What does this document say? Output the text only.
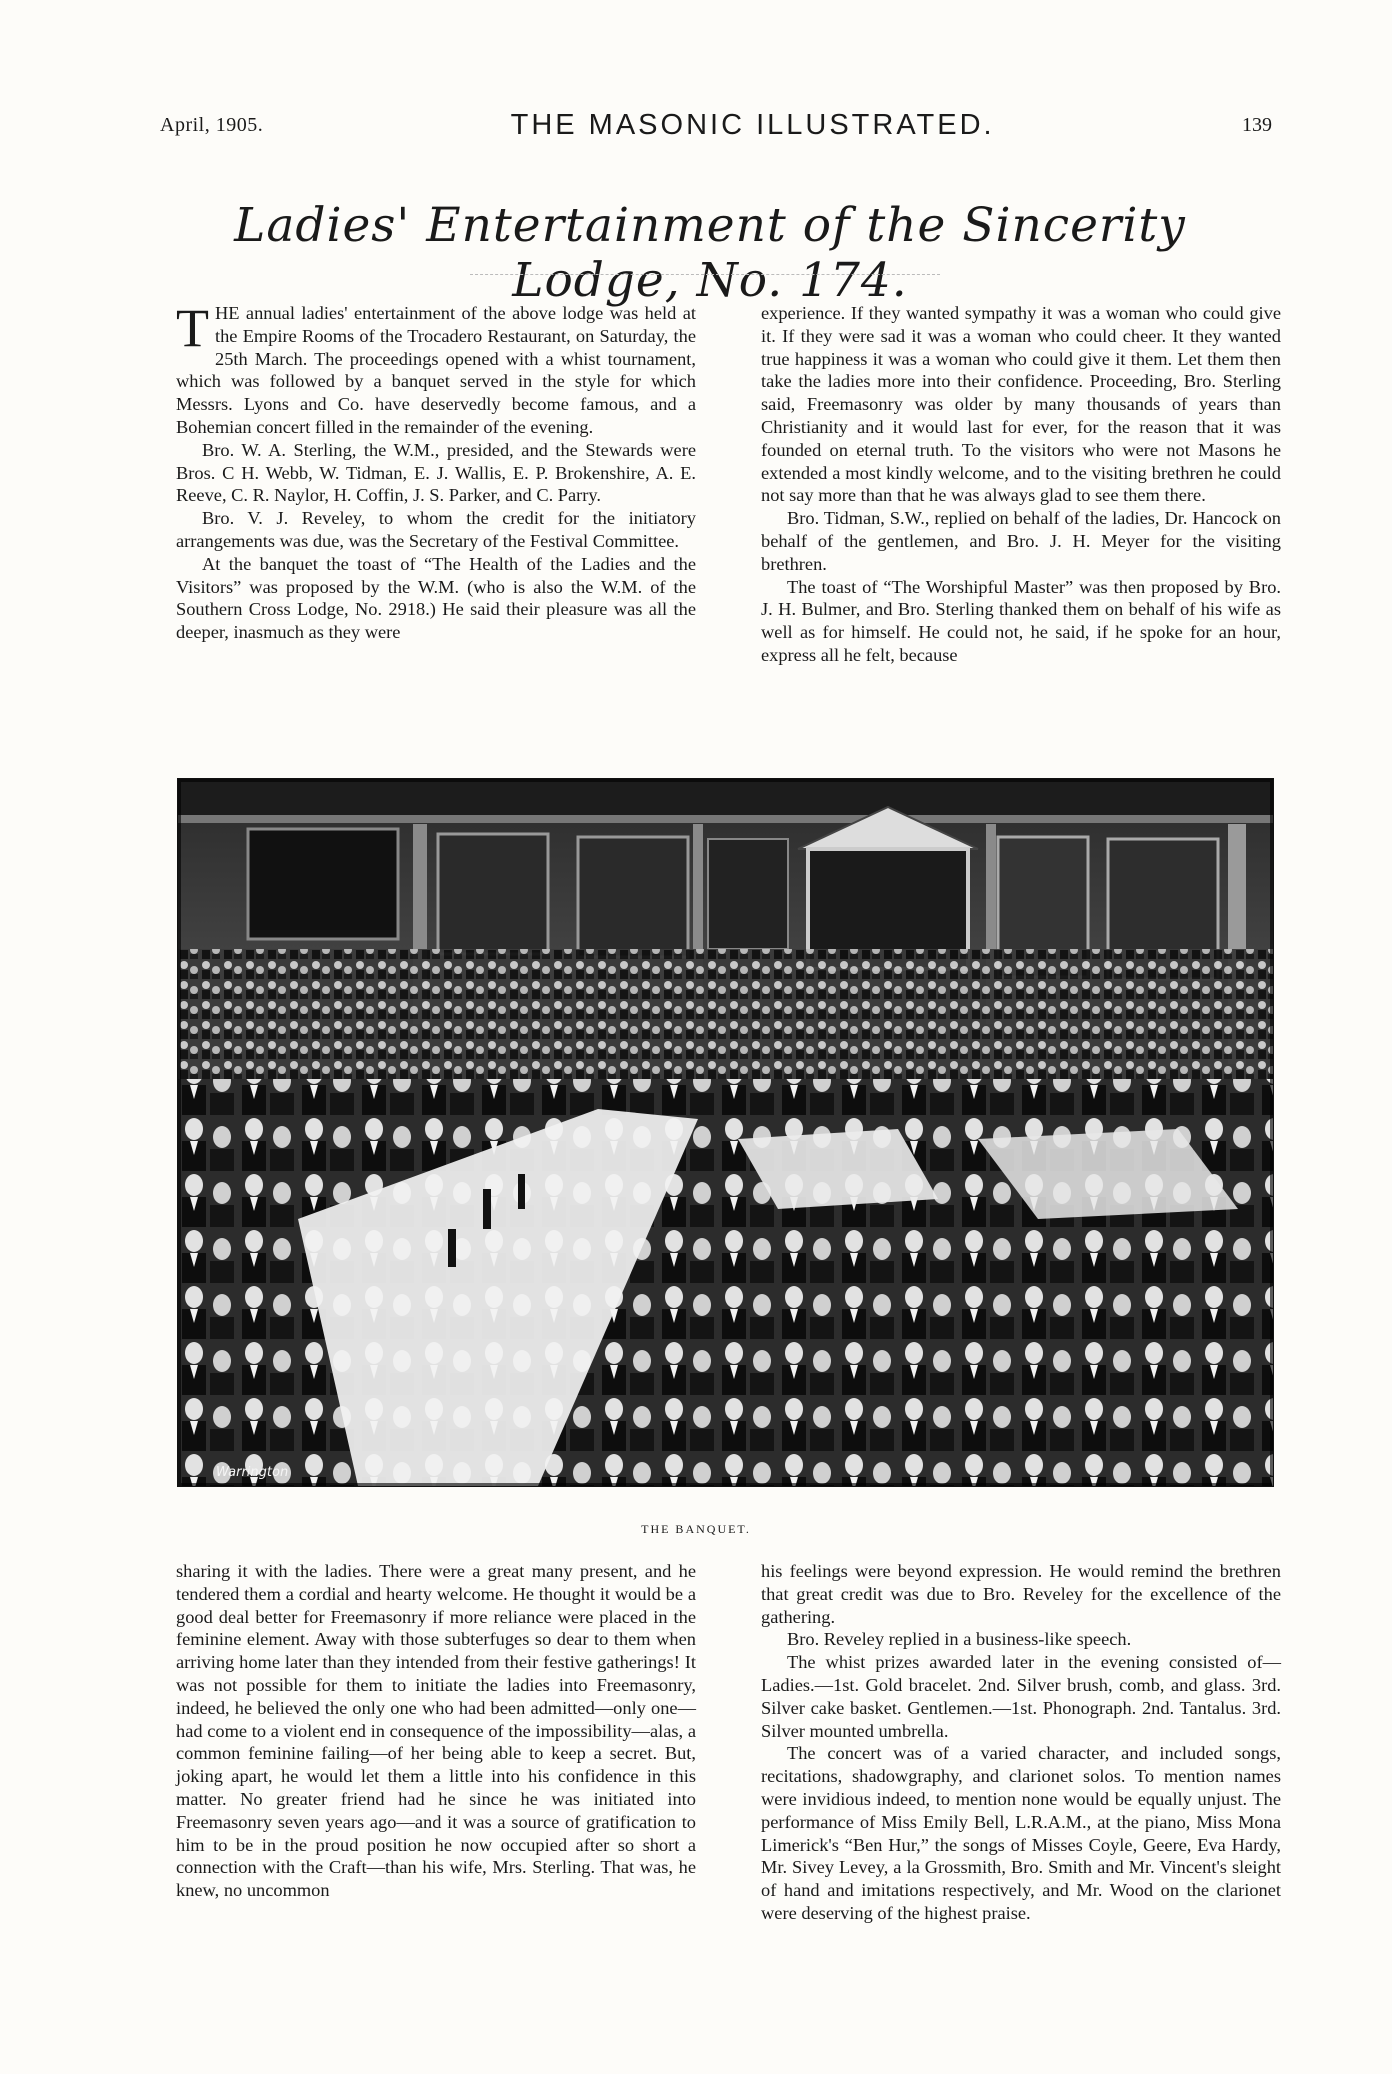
April, 1905.	THE MASONIC ILLUSTRATED.	139
Ladies' Entertainment of the Sincerity Lodge, No. 174.

THE annual ladies' entertainment of the above lodge was held at the Empire Rooms of the Trocadero Restaurant, on Saturday, the 25th March. The proceedings opened with a whist tournament, which was followed by a banquet served in the style for which Messrs. Lyons and Co. have deservedly become famous, and a Bohemian concert filled in the remainder of the evening.

Bro. W. A. Sterling, the W.M., presided, and the Stewards were Bros. C H. Webb, W. Tidman, E. J. Wallis, E. P. Brokenshire, A. E. Reeve, C. R. Naylor, H. Coffin, J. S. Parker, and C. Parry.

Bro. V. J. Reveley, to whom the credit for the initiatory arrangements was due, was the Secretary of the Festival Committee.

At the banquet the toast of “The Health of the Ladies and the Visitors” was proposed by the W.M. (who is also the W.M. of the Southern Cross Lodge, No. 2918.) He said their pleasure was all the deeper, inasmuch as they were

experience. If they wanted sympathy it was a woman who could give it. If they were sad it was a woman who could cheer. It they wanted true happiness it was a woman who could give it them. Let them then take the ladies more into their confidence. Proceeding, Bro. Sterling said, Freemasonry was older by many thousands of years than Christianity and it would last for ever, for the reason that it was founded on eternal truth. To the visitors who were not Masons he extended a most kindly welcome, and to the visiting brethren he could not say more than that he was always glad to see them there.

Bro. Tidman, S.W., replied on behalf of the ladies, Dr. Hancock on behalf of the gentlemen, and Bro. J. H. Meyer for the visiting brethren.

The toast of “The Worshipful Master” was then proposed by Bro. J. H. Bulmer, and Bro. Sterling thanked them on behalf of his wife as well as for himself. He could not, he said, if he spoke for an hour, express all he felt, because

Warrington
THE BANQUET.

sharing it with the ladies. There were a great many present, and he tendered them a cordial and hearty welcome. He thought it would be a good deal better for Freemasonry if more reliance were placed in the feminine element. Away with those subterfuges so dear to them when arriving home later than they intended from their festive gatherings! It was not possible for them to initiate the ladies into Freemasonry, indeed, he believed the only one who had been admitted—only one—had come to a violent end in consequence of the impossibility—alas, a common feminine failing—of her being able to keep a secret. But, joking apart, he would let them a little into his confidence in this matter. No greater friend had he since he was initiated into Freemasonry seven years ago—and it was a source of gratification to him to be in the proud position he now occupied after so short a connection with the Craft—than his wife, Mrs. Sterling. That was, he knew, no uncommon

his feelings were beyond expression. He would remind the brethren that great credit was due to Bro. Reveley for the excellence of the gathering.

Bro. Reveley replied in a business-like speech.

The whist prizes awarded later in the evening consisted of—Ladies.—1st. Gold bracelet. 2nd. Silver brush, comb, and glass. 3rd. Silver cake basket. Gentlemen.—1st. Phonograph. 2nd. Tantalus. 3rd. Silver mounted umbrella.

The concert was of a varied character, and included songs, recitations, shadowgraphy, and clarionet solos. To mention names were invidious indeed, to mention none would be equally unjust. The performance of Miss Emily Bell, L.R.A.M., at the piano, Miss Mona Limerick's “Ben Hur,” the songs of Misses Coyle, Geere, Eva Hardy, Mr. Sivey Levey, a la Grossmith, Bro. Smith and Mr. Vincent's sleight of hand and imitations respectively, and Mr. Wood on the clarionet were deserving of the highest praise.
